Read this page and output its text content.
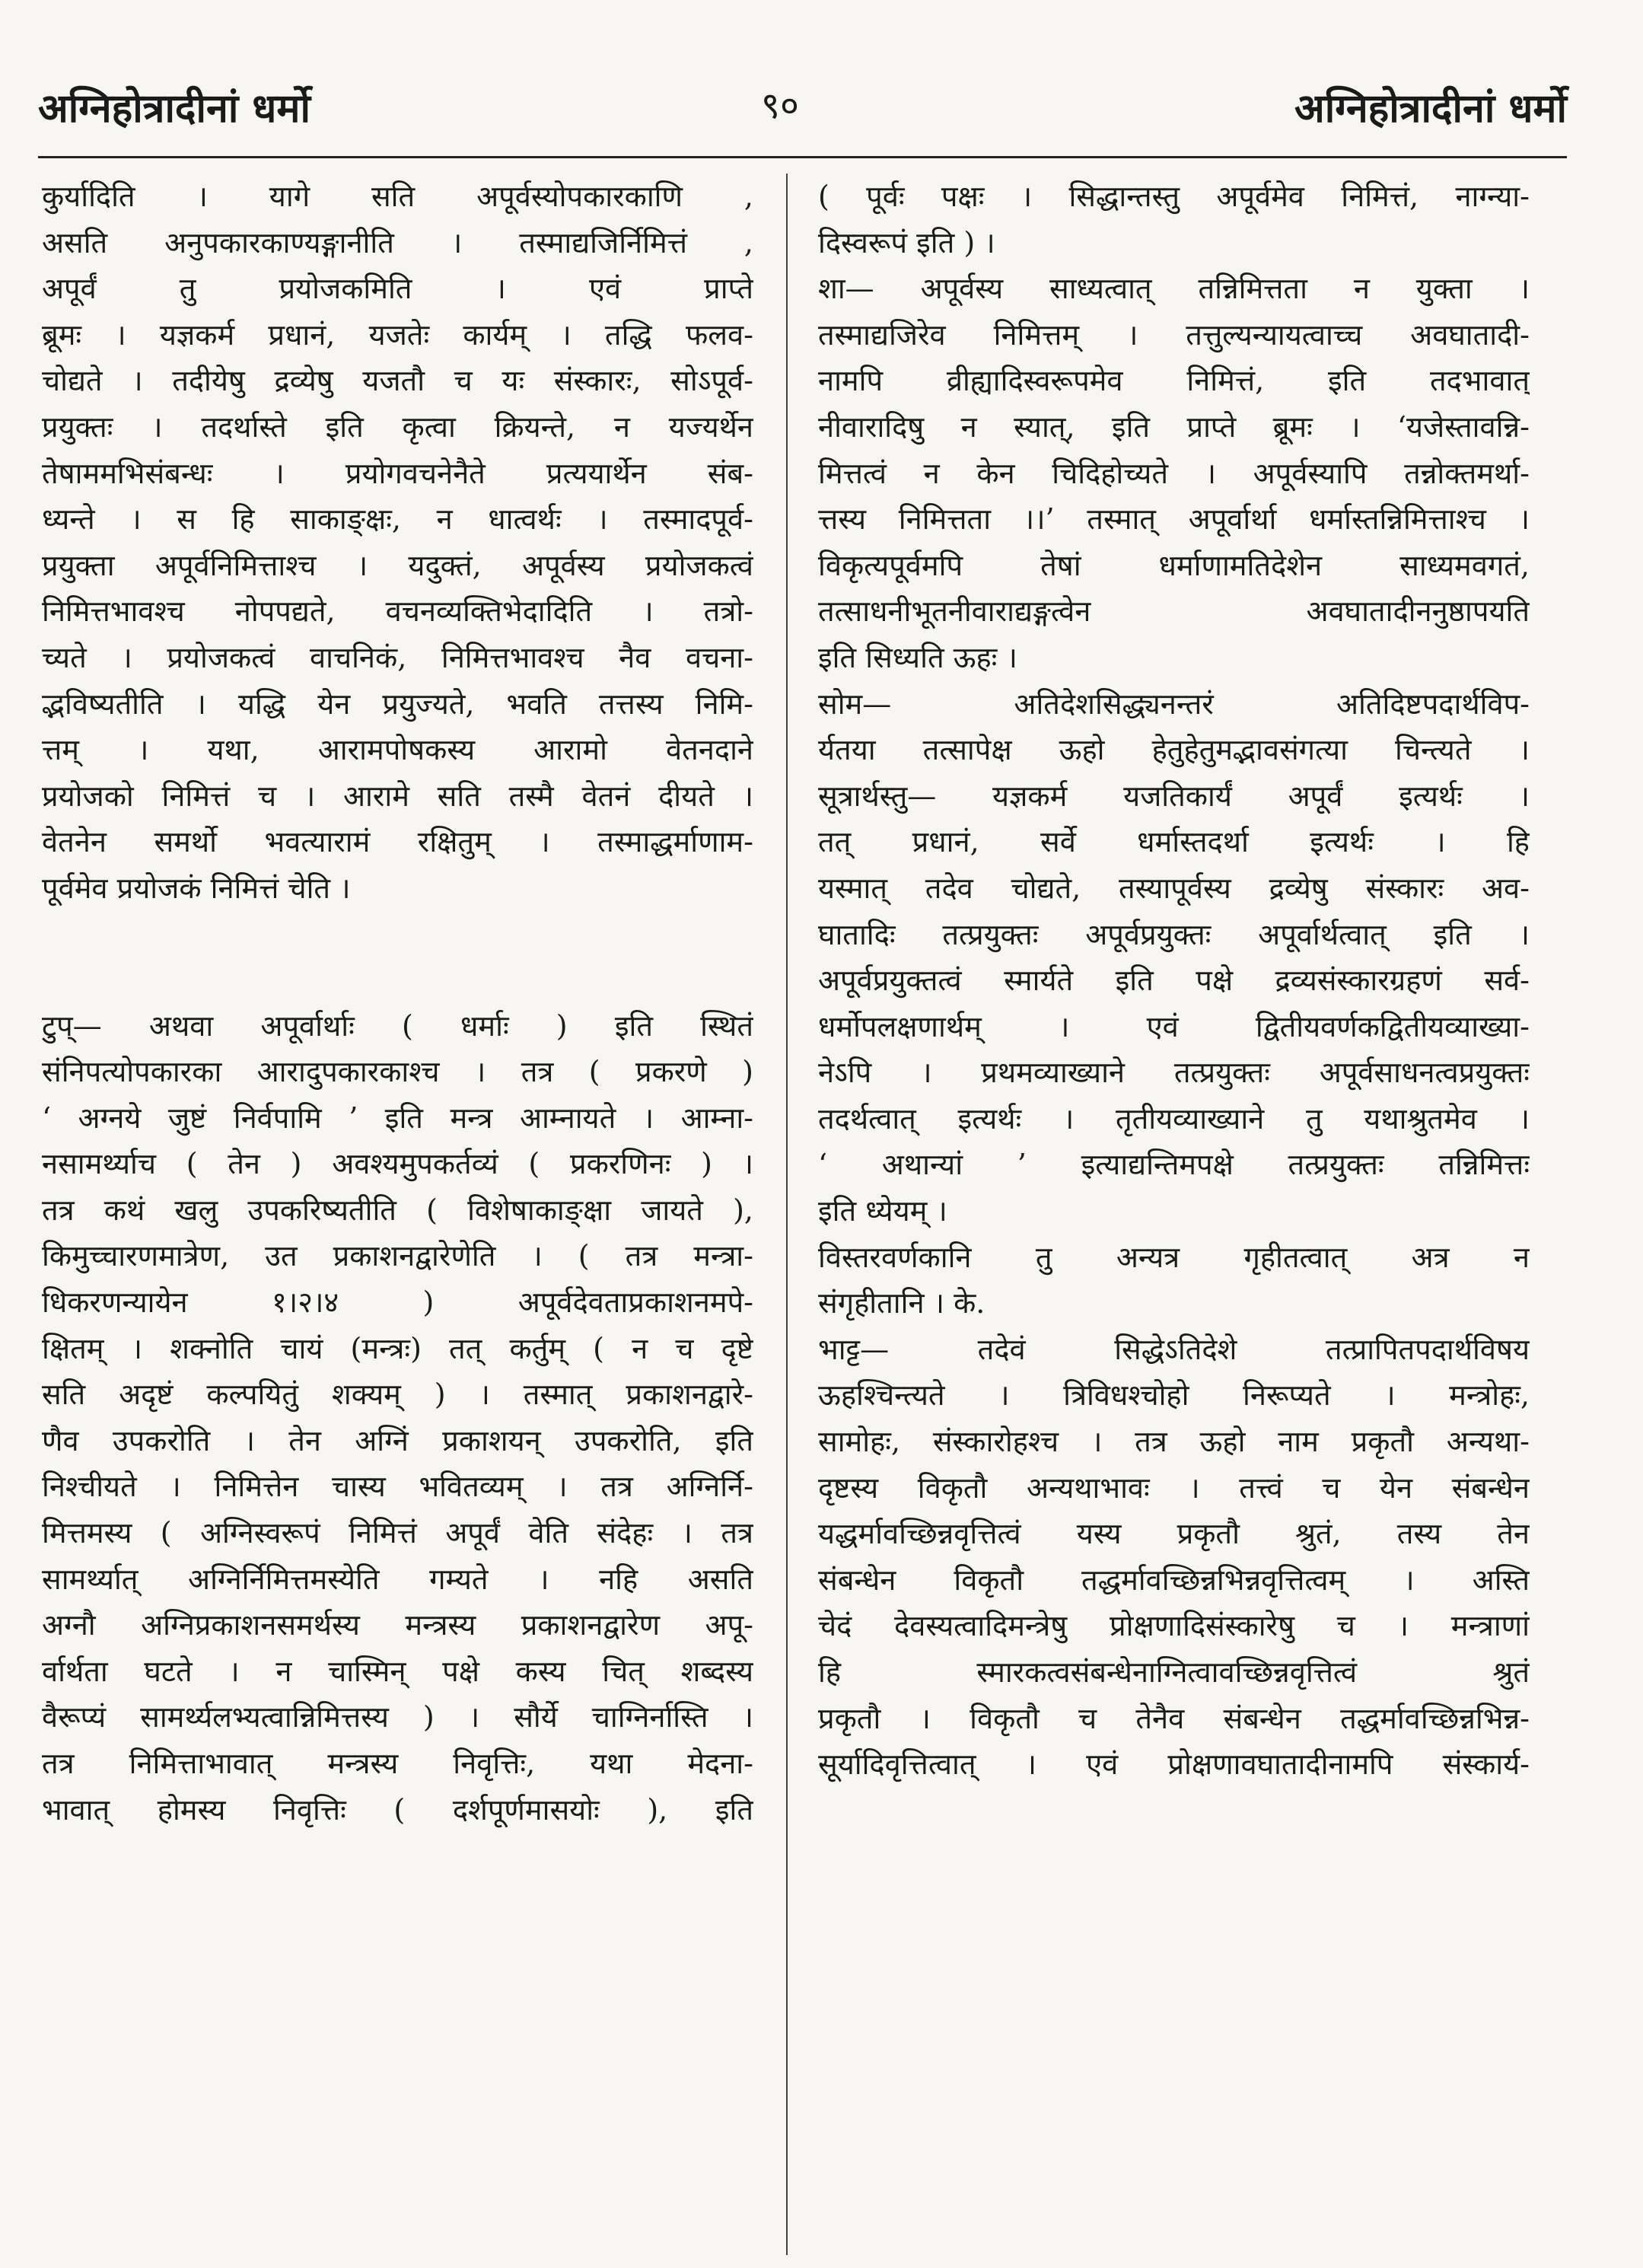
अग्निहोत्रादीनां धर्मो	९०	अग्निहोत्रादीनां धर्मो
कुर्यादिति । यागे सति अपूर्वस्योपकारकाणि ,
असति अनुपकारकाण्यङ्गानीति । तस्माद्यजिर्निमित्तं ,
अपूर्वं तु प्रयोजकमिति । एवं प्राप्ते
ब्रूमः । यज्ञकर्म प्रधानं, यजतेः कार्यम् । तद्धि फलव-
चोद्यते । तदीयेषु द्रव्येषु यजतौ च यः संस्कारः, सोऽपूर्व-
प्रयुक्तः । तदर्थास्ते इति कृत्वा क्रियन्ते, न यज्यर्थेन
तेषाममभिसंबन्धः । प्रयोगवचनेनैते प्रत्ययार्थेन संब-
ध्यन्ते । स हि साकाङ्क्षः, न धात्वर्थः । तस्मादपूर्व-
प्रयुक्ता अपूर्वनिमित्ताश्च । यदुक्तं, अपूर्वस्य प्रयोजकत्वं
निमित्तभावश्च नोपपद्यते, वचनव्यक्तिभेदादिति । तत्रो-
च्यते । प्रयोजकत्वं वाचनिकं, निमित्तभावश्च नैव वचना-
द्भविष्यतीति । यद्धि येन प्रयुज्यते, भवति तत्तस्य निमि-
त्तम् । यथा, आरामपोषकस्य आरामो वेतनदाने
प्रयोजको निमित्तं च । आरामे सति तस्मै वेतनं दीयते ।
वेतनेन समर्थो भवत्यारामं रक्षितुम् । तस्माद्धर्माणाम-
पूर्वमेव प्रयोजकं निमित्तं चेति ।
टुप्— अथवा अपूर्वार्थाः ( धर्माः ) इति स्थितं
संनिपत्योपकारका आरादुपकारकाश्च । तत्र ( प्रकरणे )
‘ अग्नये जुष्टं निर्वपामि ’ इति मन्त्र आम्नायते । आम्ना-
नसामर्थ्याच ( तेन ) अवश्यमुपकर्तव्यं ( प्रकरणिनः ) ।
तत्र कथं खलु उपकरिष्यतीति ( विशेषाकाङ्क्षा जायते ),
किमुच्चारणमात्रेण, उत प्रकाशनद्वारेणेति । ( तत्र मन्त्रा-
धिकरणन्यायेन १।२।४ ) अपूर्वदेवताप्रकाशनमपे-
क्षितम् । शक्नोति चायं (मन्त्रः) तत् कर्तुम् ( न च दृष्टे
सति अदृष्टं कल्पयितुं शक्यम् ) । तस्मात् प्रकाशनद्वारे-
णैव उपकरोति । तेन अग्निं प्रकाशयन् उपकरोति, इति
निश्चीयते । निमित्तेन चास्य भवितव्यम् । तत्र अग्निर्नि-
मित्तमस्य ( अग्निस्वरूपं निमित्तं अपूर्वं वेति संदेहः । तत्र
सामर्थ्यात् अग्निर्निमित्तमस्येति गम्यते । नहि असति
अग्नौ अग्निप्रकाशनसमर्थस्य मन्त्रस्य प्रकाशनद्वारेण अपू-
र्वार्थता घटते । न चास्मिन् पक्षे कस्य चित् शब्दस्य
वैरूप्यं सामर्थ्यलभ्यत्वान्निमित्तस्य ) । सौर्ये चाग्निर्नास्ति ।
तत्र निमित्ताभावात् मन्त्रस्य निवृत्तिः, यथा मेदना-
भावात् होमस्य निवृत्तिः ( दर्शपूर्णमासयोः ), इति
( पूर्वः पक्षः । सिद्धान्तस्तु अपूर्वमेव निमित्तं, नाग्न्या-
दिस्वरूपं इति ) ।
शा— अपूर्वस्य साध्यत्वात् तन्निमित्तता न युक्ता ।
तस्माद्यजिरेव निमित्तम् । तत्तुल्यन्यायत्वाच्च अवघातादी-
नामपि व्रीह्यादिस्वरूपमेव निमित्तं, इति तदभावात्
नीवारादिषु न स्यात्, इति प्राप्ते ब्रूमः । ‘यजेस्तावन्नि-
मित्तत्वं न केन चिदिहोच्यते । अपूर्वस्यापि तन्नोक्तमर्था-
त्तस्य निमित्तता ।।’ तस्मात् अपूर्वार्था धर्मास्तन्निमित्ताश्च ।
विकृत्यपूर्वमपि तेषां धर्माणामतिदेशेन साध्यमवगतं,
तत्साधनीभूतनीवाराद्यङ्गत्वेन अवघातादीननुष्ठापयति
इति सिध्यति ऊहः ।
सोम— अतिदेशसिद्ध्यनन्तरं अतिदिष्टपदार्थविप-
र्यतया तत्सापेक्ष ऊहो हेतुहेतुमद्भावसंगत्या चिन्त्यते ।
सूत्रार्थस्तु— यज्ञकर्म यजतिकार्यं अपूर्वं इत्यर्थः ।
तत् प्रधानं, सर्वे धर्मास्तदर्था इत्यर्थः । हि
यस्मात् तदेव चोद्यते, तस्यापूर्वस्य द्रव्येषु संस्कारः अव-
घातादिः तत्प्रयुक्तः अपूर्वप्रयुक्तः अपूर्वार्थत्वात् इति ।
अपूर्वप्रयुक्तत्वं स्मार्यते इति पक्षे द्रव्यसंस्कारग्रहणं सर्व-
धर्मोपलक्षणार्थम् । एवं द्वितीयवर्णकद्वितीयव्याख्या-
नेऽपि । प्रथमव्याख्याने तत्प्रयुक्तः अपूर्वसाधनत्वप्रयुक्तः
तदर्थत्वात् इत्यर्थः । तृतीयव्याख्याने तु यथाश्रुतमेव ।
‘ अथान्यां ’ इत्याद्यन्तिमपक्षे तत्प्रयुक्तः तन्निमित्तः
इति ध्येयम् ।
विस्तरवर्णकानि तु अन्यत्र गृहीतत्वात् अत्र न
संगृहीतानि । के.
भाट्ट— तदेवं सिद्धेऽतिदेशे तत्प्रापितपदार्थविषय
ऊहश्चिन्त्यते । त्रिविधश्चोहो निरूप्यते । मन्त्रोहः,
सामोहः, संस्कारोहश्च । तत्र ऊहो नाम प्रकृतौ अन्यथा-
दृष्टस्य विकृतौ अन्यथाभावः । तत्त्वं च येन संबन्धेन
यद्धर्मावच्छिन्नवृत्तित्वं यस्य प्रकृतौ श्रुतं, तस्य तेन
संबन्धेन विकृतौ तद्धर्मावच्छिन्नभिन्नवृत्तित्वम् । अस्ति
चेदं देवस्यत्वादिमन्त्रेषु प्रोक्षणादिसंस्कारेषु च । मन्त्राणां
हि स्मारकत्वसंबन्धेनाग्नित्वावच्छिन्नवृत्तित्वं श्रुतं
प्रकृतौ । विकृतौ च तेनैव संबन्धेन तद्धर्मावच्छिन्नभिन्न-
सूर्यादिवृत्तित्वात् । एवं प्रोक्षणावघातादीनामपि संस्कार्य-
